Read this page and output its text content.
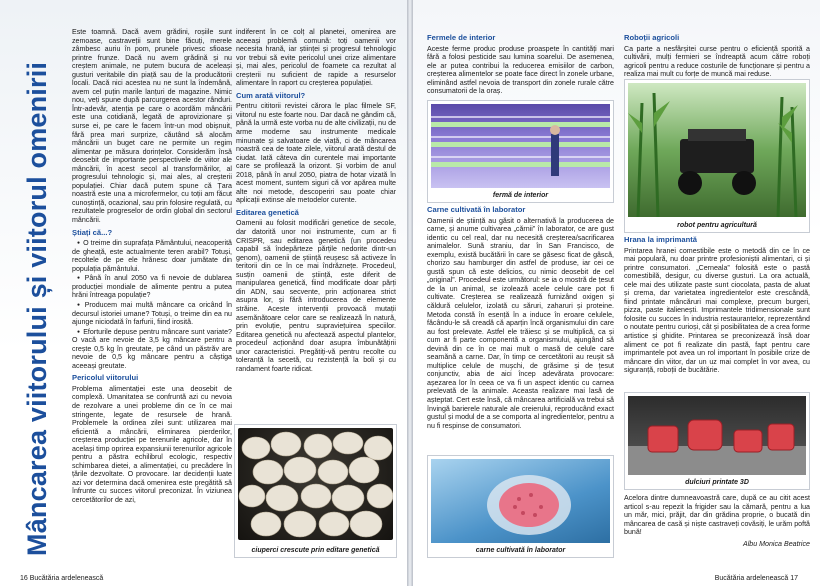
Mâncarea viitorului și viitorul omenirii

Este toamnă. Dacă avem grădini, roșiile sunt zemoase, castraveții sunt bine făcuți, merele zâmbesc auriu în pom, prunele privesc sfioase printre frunze. Dacă nu avem grădină și nu creștem animale, ne putem bucura de aceleași gusturi veritabile din piață sau de la producătorii locali. Dacă nici acestea nu ne sunt la îndemână, avem cel puțin marile lanțuri de magazine. Nimic nou, veți spune după parcurgerea acestor rânduri. Într-adevăr, atenția pe care o acordăm mâncării este una cotidiană, legată de aprovizionare și surse ei, pe care le facem într-un mod obișnuit, fără prea mari surprize, căutând să alocăm mâncării un buget care ne permite un regim alimentar pe măsura dorințelor. Considerăm însă deosebit de importante perspectivele de viitor ale mâncării, în acest secol al transformărilor, al progresului tehnologic și, mai ales, al creșterii populației. Chiar dacă putem spune că Țara noastră este una a microfermelor, cu toții am făcut cunoștință, ocazional, sau prin folosire regulată, cu rezultatele progreselor de ordin global din sectorul mâncării.

Știați că...?
● O treime din suprafața Pământului, neacoperită de gheață, este actualmente teren arabil? Totuși, recoltele de pe ele hrănesc doar jumătate din populația pământului.
● Până în anul 2050 va fi nevoie de dublarea producției mondiale de alimente pentru a putea hrăni întreaga populație?
● Producem mai multă mâncare ca oricând în decursul istoriei umane? Totuși, o treime din ea nu ajunge niciodată în farfurii, fiind irosită.
● Eforturile depuse pentru mâncare sunt variate? O vacă are nevoie de 3,5 kg mâncare pentru a crește 0,5 kg în greutate, pe când un păstrăv are nevoie de 0,5 kg mâncare pentru a câștiga aceeași greutate.
Pericolul viitorului

Problema alimentației este una deosebit de complexă. Umanitatea se confruntă azi cu nevoia de rezolvare a unei probleme din ce în ce mai stringente, legate de resursele de hrană. Problemele la ordinea zilei sunt: utilizarea mai eficientă a mâncării, eliminarea pierderilor, creșterea producției pe terenurile agricole, dar în același timp oprirea expansiunii terenurilor agricole pentru a păstra echilibrul ecologic, respectiv schimbarea dietei, a alimentației, cu precădere în țările dezvoltate. O provocare. Iar decidenții luate azi vor determina dacă omenirea este pregătită să înfrunte cu succes viitorul preconizat. În viziunea cercetătorilor de azi,

indiferent în ce colț al planetei, omenirea are aceeași problemă comună: toți oamenii vor necesita hrană, iar științei și progresul tehnologic vor trebui să evite pericolul unei crize alimentare și, mai ales, pericolul de foamete ca rezultat al creșterii nu suficient de rapide a resurselor alimentare în raport cu creșterea populației.

Cum arată viitorul?

Pentru cititorii revistei cărora le plac filmele SF, viitorul nu este foarte nou. Dar dacă ne gândim că, până la urmă este vorba nu de alte civilizații, nu de arme moderne sau instrumente medicale minunate și salvatoare de viață, ci de mâncarea noastră cea de toate zilele, viitorul arată destul de ciudat. Iată câteva din curentele mai importante care se profilează la orizont. Și vorbim de anul 2018, până în anul 2050, piatra de hotar vizată în acest moment, suntem siguri că vor apărea multe alte noi metode, descoperiri sau poate chiar aplicații extinse ale metodelor curente.

Editarea genetică

Oamenii au folosit modificări genetice de secole, dar datorită unor noi instrumente, cum ar fi CRISPR, sau editarea genetică (un procedeu capabil să îndepărteze părțile nedorite dintr-un genom), oamenii de știință reușesc să activeze în teritorii din ce în ce mai îndrăznețe. Procedeul, susțin oamenii de știință, este diferit de manipularea genetică, fiind modificate doar părți din ADN, sau secvente, prin acționarea strict asupra lor, și fără introducerea de elemente străine. Aceste intervenții provoacă mutații asemănătoare celor care se realizează în natură, prin evoluție, pentru supraviețuirea speciilor. Editarea genetică nu afectează aspectul plantelor, procedeul acționând doar asupra îmbunătățirii unor caracteristici. Pregătiți-vă pentru recolte cu toleranță la secetă, cu rezistență la boli și cu randament foarte ridicat.

ciuperci crescute prin editare genetică
16 Bucătăria ardelenească
Fermele de interior

Aceste ferme produc produse proaspete în cantități mari fără a folosi pesticide sau lumina soarelui. De asemenea, ele ar putea contribui la reducerea emisiilor de carbon, creșterea alimentelor se poate face direct în zonele urbane, eliminând astfel nevoia de transport din zonele rurale către consumatorii de la oraș.

fermă de interior
Carne cultivată în laborator

Oamenii de știință au găsit o alternativă la producerea de carne, și anume cultivarea „cărnii” în laborator, ce are gust identic cu cel real, dar nu necesită creșterea/sacrificarea animalelor. Sună straniu, dar în San Francisco, de exemplu, există bucătării în care se găsesc ficat de gâscă, chorizo sau hamburger din astfel de produse, iar cei ce gustă spun că este delicios, cu nimic deosebit de cel „original”. Procedeul este următorul: se ia o mostră de țesut de la un animal, se izolează acele celule care pot fi cultivate. Creșterea se realizează furnizând oxigen și căldură celulelor, izolată cu săruri, zaharuri și proteine. Metoda constă în esență în a induce în eroare celulele, făcându-le să creadă că aparțin încă organismului din care au fost prelevate. Astfel ele trăiesc și se multiplică, ca și cum ar fi parte componentă a organismului, ajungând să devină din ce în ce mai mult o masă de celule care seamănă a carne. Dar, în timp ce cercetătorii au reușit să multiplice celule de mușchi, de grăsime și de țesut conjunctiv, abia de aici încep adevărata provocare: așezarea lor în ceea ce va fi un aspect identic cu carnea prelevată de la animale. Aceasta realizare mai lasă de așteptat. Cert este însă, că mâncarea artificială va trebui să învingă barierele naturale ale creierului, reproducând exact gustul și modul de a se comporta al ingredientelor, pentru a nu fi respinse de consumatori.

carne cultivată în laborator
Roboții agricoli

Ca parte a nesfârșitei curse pentru o eficiență sporită a cultivării, mulți fermieri se îndreaptă acum către roboți agricoli pentru a reduce costurile de funcționare și pentru a realiza mai mult cu forțe de muncă mai reduse.

robot pentru agricultură
Hrana la imprimantă

Printarea hranei comestibile este o metodă din ce în ce mai populară, nu doar printre profesioniștii alimentari, ci și printre consumatori. „Cerneala” folosită este o pastă comestibilă, desigur, cu diverse gusturi. La ora actuală, cele mai des utilizate paste sunt ciocolata, pasta de aluat și crema, dar varietatea ingredientelor este crescândă, fiind printate mâncăruri mai complexe, precum burgeri, pizza, paste italienești. Imprimantele tridimensionale sunt folosite cu succes în industria restaurantelor, reprezentând o noutate pentru curioși, cât și posibilitatea de a crea forme artistice și ghidite. Printarea se preconizează însă doar aliment ce pot fi realizate din pastă, fapt pentru care imprimantele pot avea un rol important în posibile crize de mâncare din viitor, dar un uz mai complet în vor avea, cu siguranță, roboții de bucătărie.

dulciuri printate 3D

Acelora dintre dumneavoastră care, după ce au citit acest articol s-au repezit la frigider sau la cămară, pentru a lua un măr, mici, prăjit, dar din grădina proprie, o bucată din mâncarea de casă și niște castraveți covăsiți, le urăm poftă bună!

Albu Monica Beatrice

Bucătăria ardelenească 17
